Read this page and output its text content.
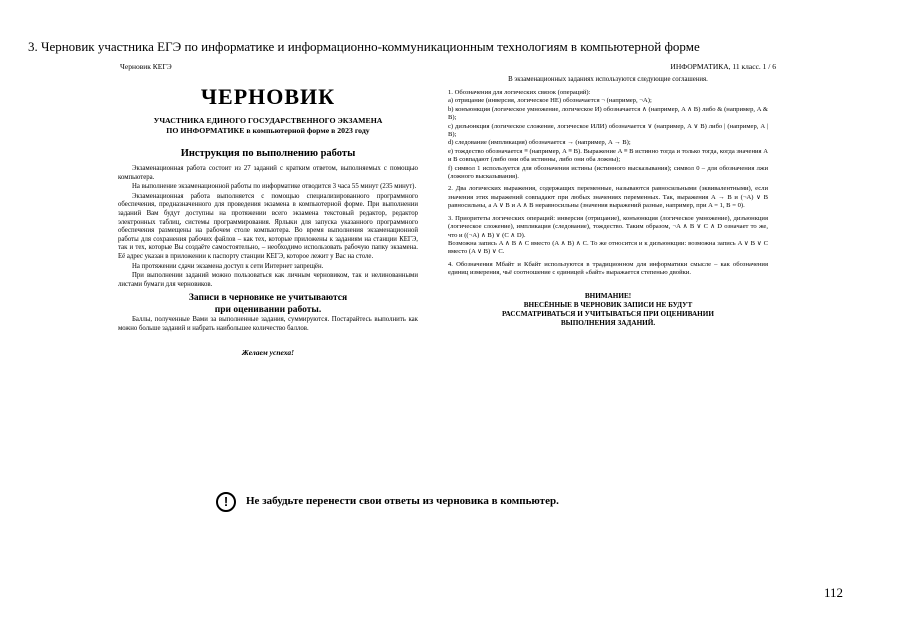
3. Черновик участника ЕГЭ по информатике и информационно-коммуникационным технологиям в компьютерной форме
Черновик КЕГЭ	ИНФОРМАТИКА, 11 класс. 1 / 6
ЧЕРНОВИК
УЧАСТНИКА ЕДИНОГО ГОСУДАРСТВЕННОГО ЭКЗАМЕНА
ПО ИНФОРМАТИКЕ в компьютерной форме в 2023 году
Инструкция по выполнению работы

Экзаменационная работа состоит из 27 заданий с кратким ответом, выполняемых с помощью компьютера.

На выполнение экзаменационной работы по информатике отводится 3 часа 55 минут (235 минут).

Экзаменационная работа выполняется с помощью специализированного программного обеспечения, предназначенного для проведения экзамена в компьютерной форме. При выполнении заданий Вам будут доступны на протяжении всего экзамена текстовый редактор, редактор электронных таблиц, системы программирования. Ярлыки для запуска указанного программного обеспечения размещены на рабочем столе компьютера. Во время выполнения экзаменационной работы для сохранения рабочих файлов – как тех, которые приложены к заданиям на станции КЕГЭ, так и тех, которые Вы создаёте самостоятельно, – необходимо использовать рабочую папку экзамена. Её адрес указан в приложении к паспорту станции КЕГЭ, которое лежит у Вас на столе.

На протяжении сдачи экзамена доступ к сети Интернет запрещён.

При выполнении заданий можно пользоваться как личным черновиком, так и нелинованными листами бумаги для черновиков.

Записи в черновике не учитываются
при оценивании работы.

Баллы, полученные Вами за выполненные задания, суммируются. Постарайтесь выполнить как можно больше заданий и набрать наибольшее количество баллов.

Желаем успеха!
В экзаменационных заданиях используются следующие соглашения.

1. Обозначения для логических связок (операций):

a) отрицание (инверсия, логическое НЕ) обозначается ¬ (например, ¬A);

b) конъюнкция (логическое умножение, логическое И) обозначается ∧ (например, A ∧ B) либо & (например, A & B);

c) дизъюнкция (логическое сложение, логическое ИЛИ) обозначается ∨ (например, A ∨ B) либо | (например, A | B);

d) следование (импликация) обозначается → (например, A → B);

e) тождество обозначается ≡ (например, A ≡ B). Выражение A ≡ B истинно тогда и только тогда, когда значения A и B совпадают (либо они оба истинны, либо они оба ложны);

f) символ 1 используется для обозначения истины (истинного высказывания); символ 0 – для обозначения лжи (ложного высказывания).

2. Два логических выражения, содержащих переменные, называются равносильными (эквивалентными), если значения этих выражений совпадают при любых значениях переменных. Так, выражения A → B и (¬A) ∨ B равносильны, а A ∨ B и A ∧ B неравносильны (значения выражений разные, например, при A = 1, B = 0).

3. Приоритеты логических операций: инверсия (отрицание), конъюнкция (логическое умножение), дизъюнкция (логическое сложение), импликация (следование), тождество. Таким образом, ¬A ∧ B ∨ C ∧ D означает то же, что и ((¬A) ∧ B) ∨ (C ∧ D).

Возможна запись A ∧ B ∧ C вместо (A ∧ B) ∧ C. То же относится и к дизъюнкции: возможна запись A ∨ B ∨ C вместо (A ∨ B) ∨ C.

4. Обозначения Мбайт и Кбайт используются в традиционном для информатики смысле – как обозначения единиц измерения, чьё соотношение с единицей «байт» выражается степенью двойки.

ВНИМАНИЕ!
ВНЕСЁННЫЕ В ЧЕРНОВИК ЗАПИСИ НЕ БУДУТ
РАССМАТРИВАТЬСЯ И УЧИТЫВАТЬСЯ ПРИ ОЦЕНИВАНИИ
ВЫПОЛНЕНИЯ ЗАДАНИЙ.
!	Не забудьте перенести свои ответы из черновика в компьютер.
112
